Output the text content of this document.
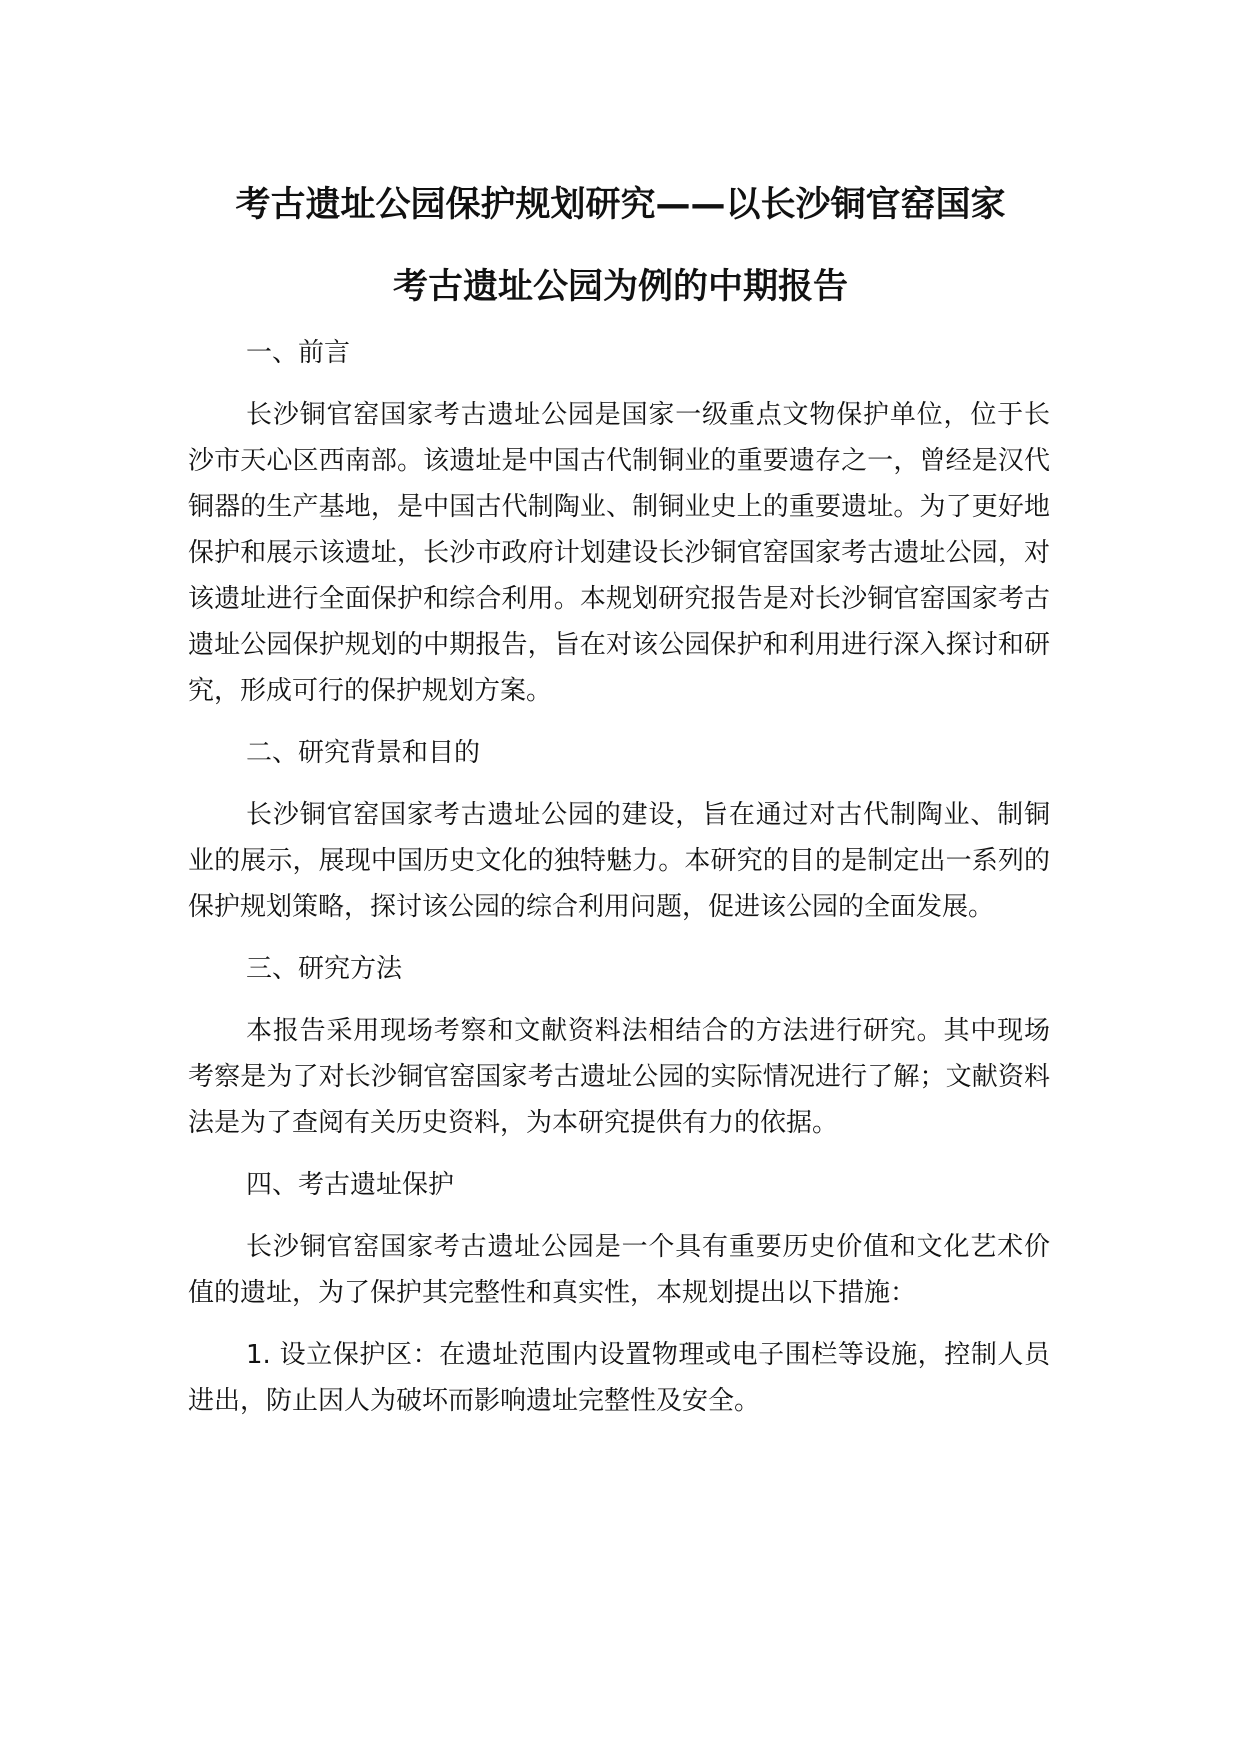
考古遗址公园保护规划研究——以长沙铜官窑国家
考古遗址公园为例的中期报告
一、前言

长沙铜官窑国家考古遗址公园是国家一级重点文物保护单位，位于长沙市天心区西南部。该遗址是中国古代制铜业的重要遗存之一，曾经是汉代铜器的生产基地，是中国古代制陶业、制铜业史上的重要遗址。为了更好地保护和展示该遗址，长沙市政府计划建设长沙铜官窑国家考古遗址公园，对该遗址进行全面保护和综合利用。本规划研究报告是对长沙铜官窑国家考古遗址公园保护规划的中期报告，旨在对该公园保护和利用进行深入探讨和研究，形成可行的保护规划方案。

二、研究背景和目的

长沙铜官窑国家考古遗址公园的建设，旨在通过对古代制陶业、制铜业的展示，展现中国历史文化的独特魅力。本研究的目的是制定出一系列的保护规划策略，探讨该公园的综合利用问题，促进该公园的全面发展。

三、研究方法

本报告采用现场考察和文献资料法相结合的方法进行研究。其中现场考察是为了对长沙铜官窑国家考古遗址公园的实际情况进行了解；文献资料法是为了查阅有关历史资料，为本研究提供有力的依据。

四、考古遗址保护

长沙铜官窑国家考古遗址公园是一个具有重要历史价值和文化艺术价值的遗址，为了保护其完整性和真实性，本规划提出以下措施：

1. 设立保护区：在遗址范围内设置物理或电子围栏等设施，控制人员进出，防止因人为破坏而影响遗址完整性及安全。
